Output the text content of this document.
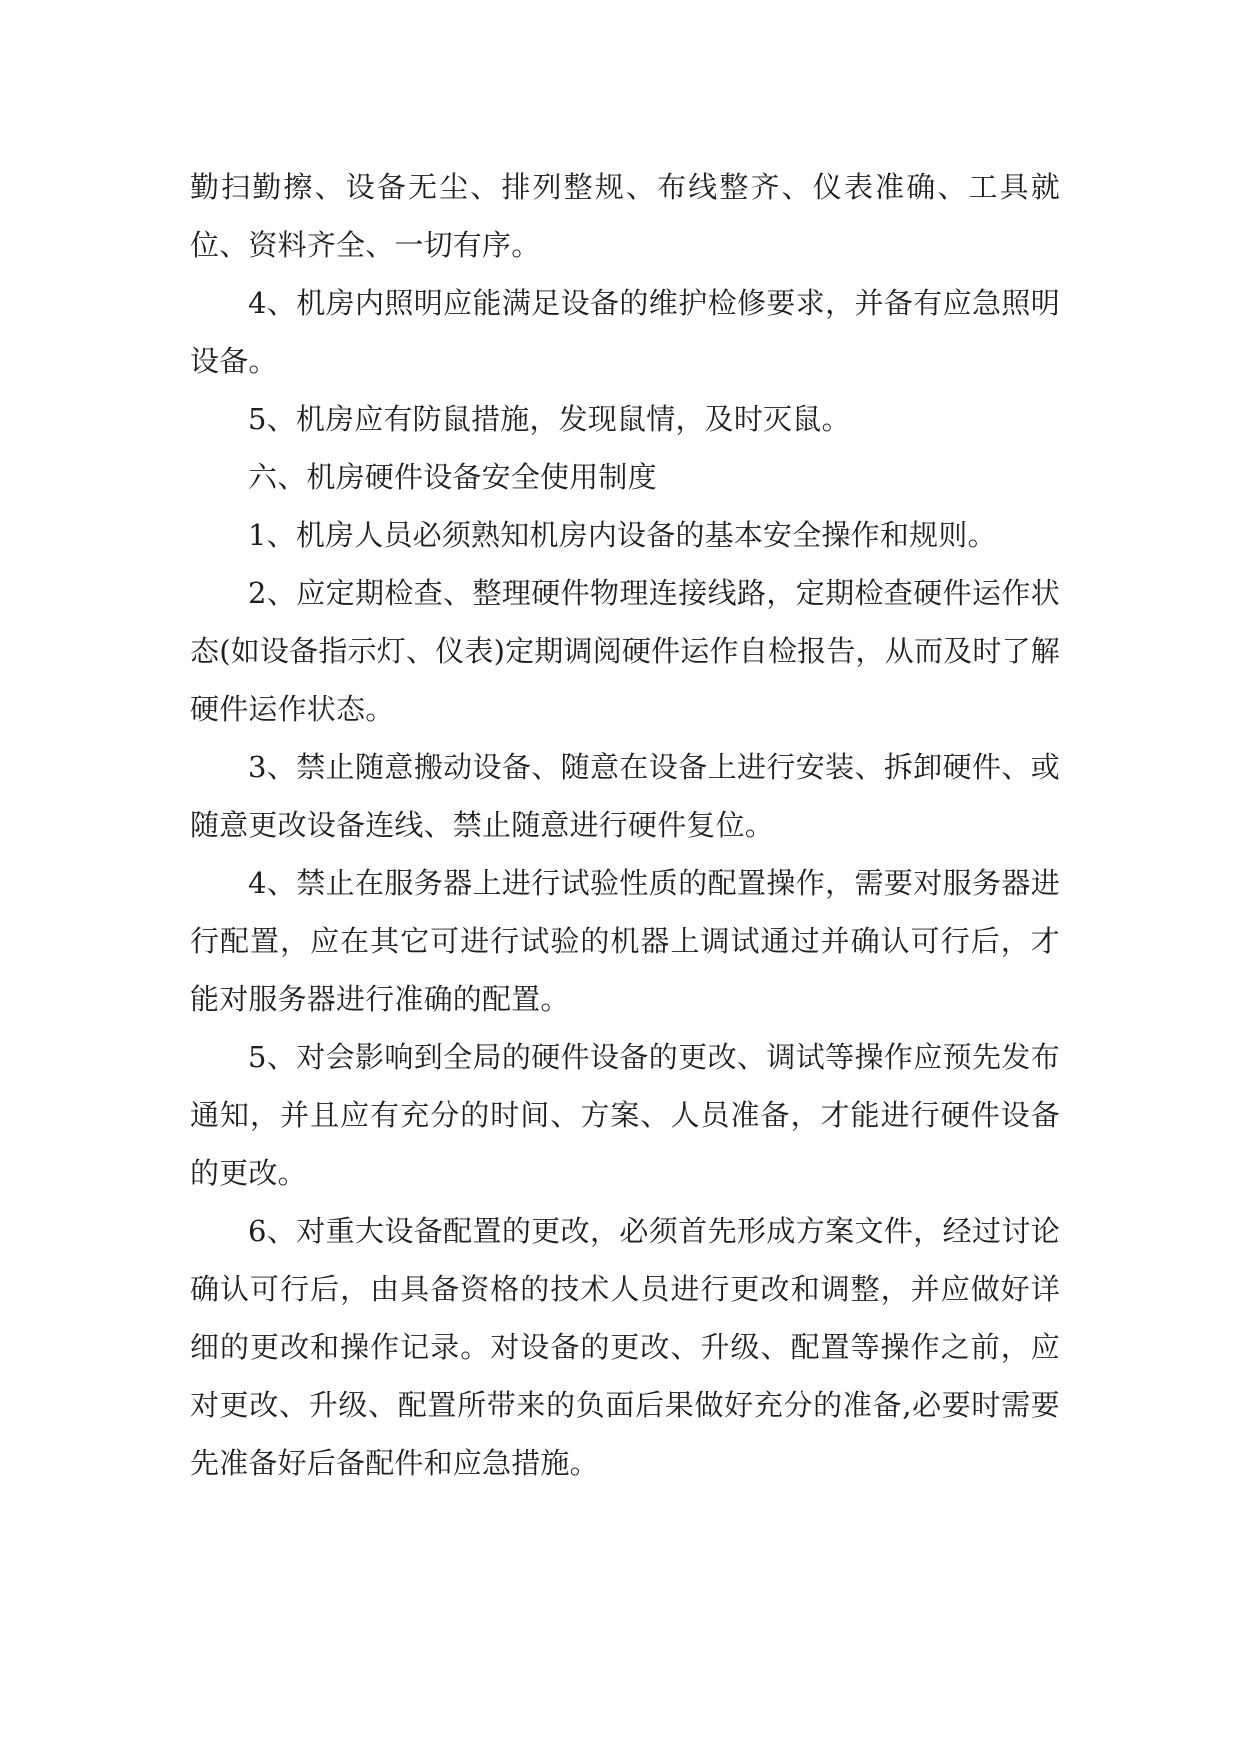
勤扫勤擦、设备无尘、排列整规、布线整齐、仪表准确、工具就位、资料齐全、一切有序。

4、机房内照明应能满足设备的维护检修要求，并备有应急照明设备。

5、机房应有防鼠措施，发现鼠情，及时灭鼠。

六、机房硬件设备安全使用制度

1、机房人员必须熟知机房内设备的基本安全操作和规则。

2、应定期检查、整理硬件物理连接线路，定期检查硬件运作状态(如设备指示灯、仪表)定期调阅硬件运作自检报告，从而及时了解硬件运作状态。

3、禁止随意搬动设备、随意在设备上进行安装、拆卸硬件、或随意更改设备连线、禁止随意进行硬件复位。

4、禁止在服务器上进行试验性质的配置操作，需要对服务器进行配置，应在其它可进行试验的机器上调试通过并确认可行后，才能对服务器进行准确的配置。

5、对会影响到全局的硬件设备的更改、调试等操作应预先发布通知，并且应有充分的时间、方案、人员准备，才能进行硬件设备的更改。

6、对重大设备配置的更改，必须首先形成方案文件，经过讨论确认可行后，由具备资格的技术人员进行更改和调整，并应做好详细的更改和操作记录。对设备的更改、升级、配置等操作之前，应对更改、升级、配置所带来的负面后果做好充分的准备,必要时需要先准备好后备配件和应急措施。
